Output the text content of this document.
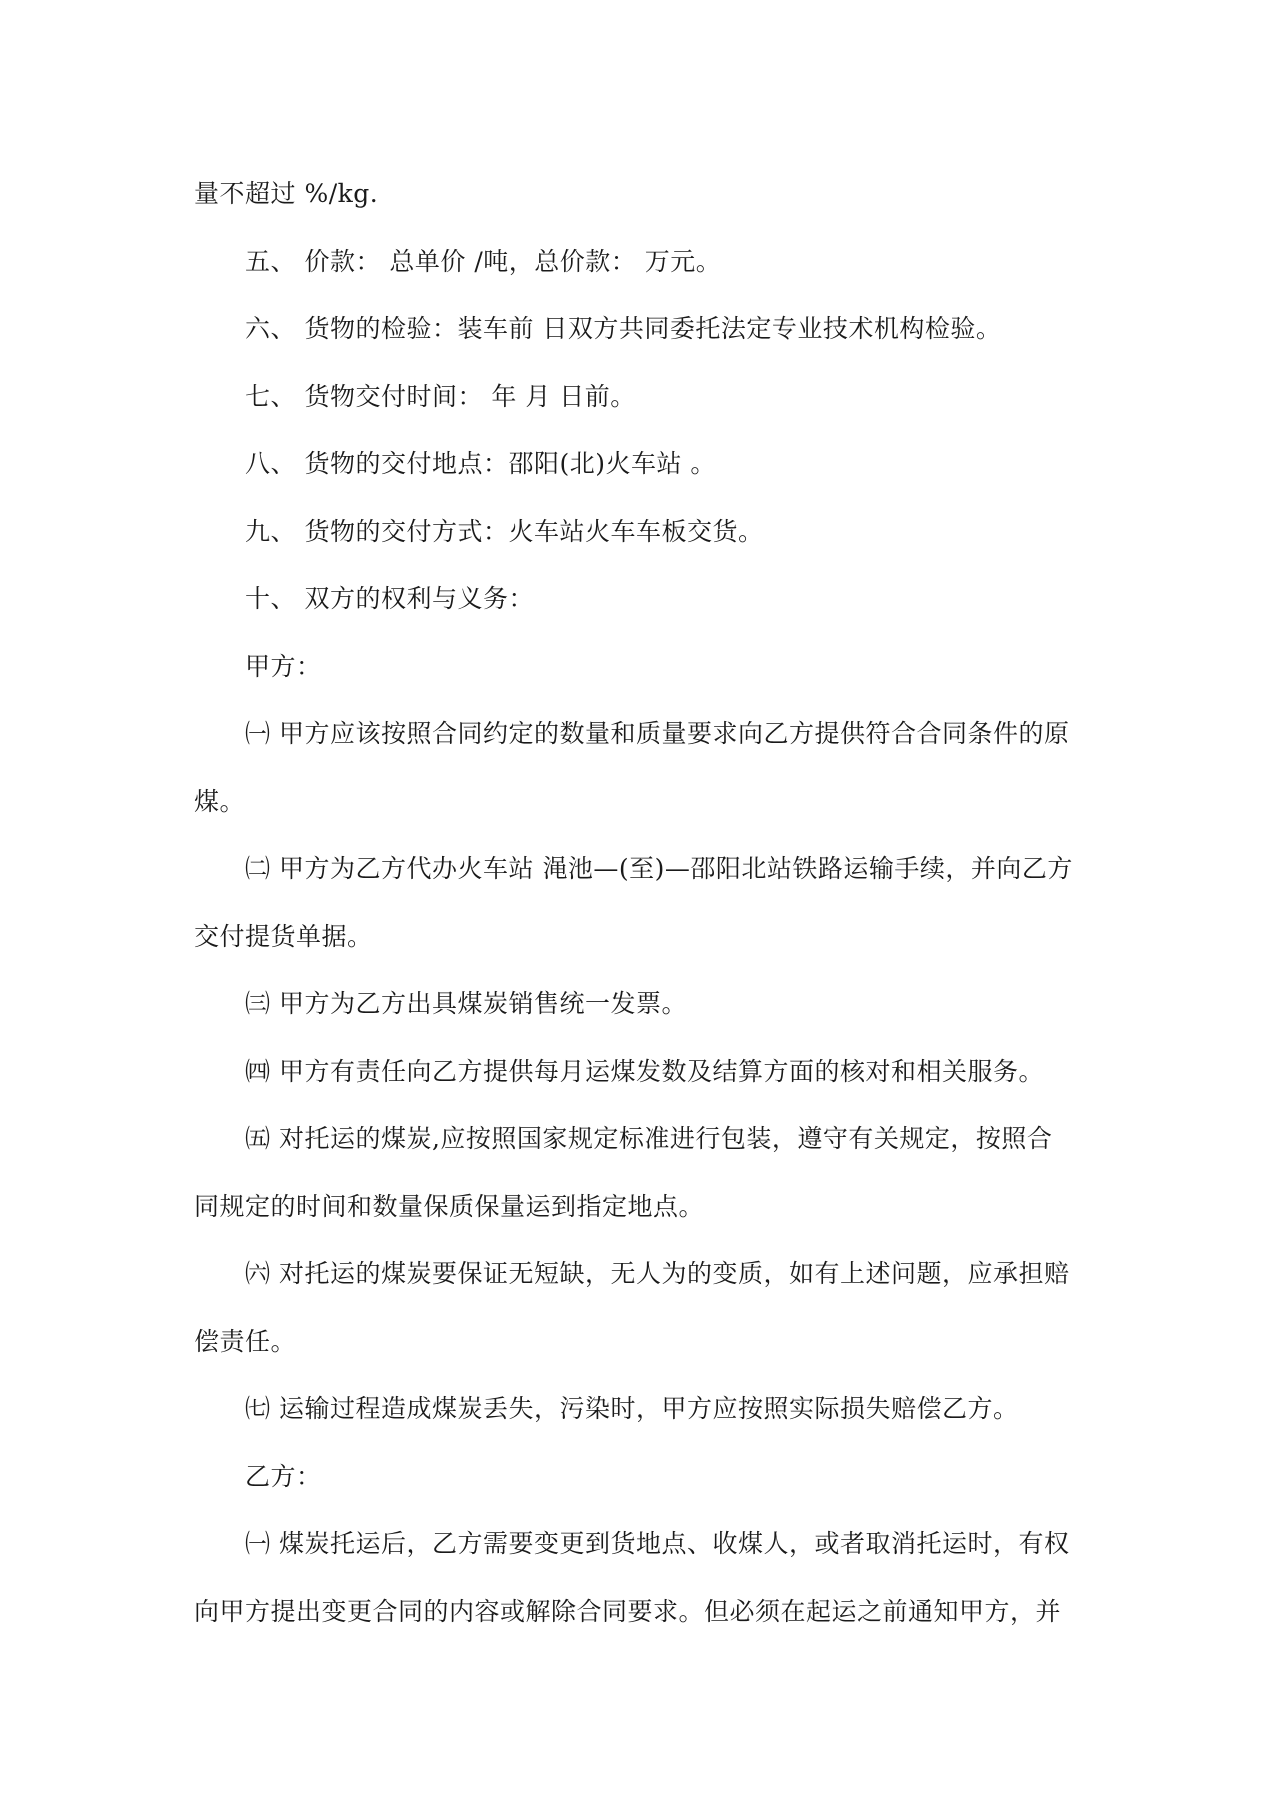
量不超过 %/kg.
五、 价款： 总单价 /吨，总价款： 万元。
六、 货物的检验：装车前 日双方共同委托法定专业技术机构检验。
七、 货物交付时间： 年 月 日前。
八、 货物的交付地点：邵阳(北)火车站 。
九、 货物的交付方式：火车站火车车板交货。
十、 双方的权利与义务：
甲方：
㈠ 甲方应该按照合同约定的数量和质量要求向乙方提供符合合同条件的原
煤。
㈡ 甲方为乙方代办火车站 渑池—(至)—邵阳北站铁路运输手续，并向乙方
交付提货单据。
㈢ 甲方为乙方出具煤炭销售统一发票。
㈣ 甲方有责任向乙方提供每月运煤发数及结算方面的核对和相关服务。
㈤ 对托运的煤炭,应按照国家规定标准进行包装，遵守有关规定，按照合
同规定的时间和数量保质保量运到指定地点。
㈥ 对托运的煤炭要保证无短缺，无人为的变质，如有上述问题，应承担赔
偿责任。
㈦ 运输过程造成煤炭丢失，污染时，甲方应按照实际损失赔偿乙方。
乙方：
㈠ 煤炭托运后，乙方需要变更到货地点、收煤人，或者取消托运时，有权
向甲方提出变更合同的内容或解除合同要求。但必须在起运之前通知甲方，并
